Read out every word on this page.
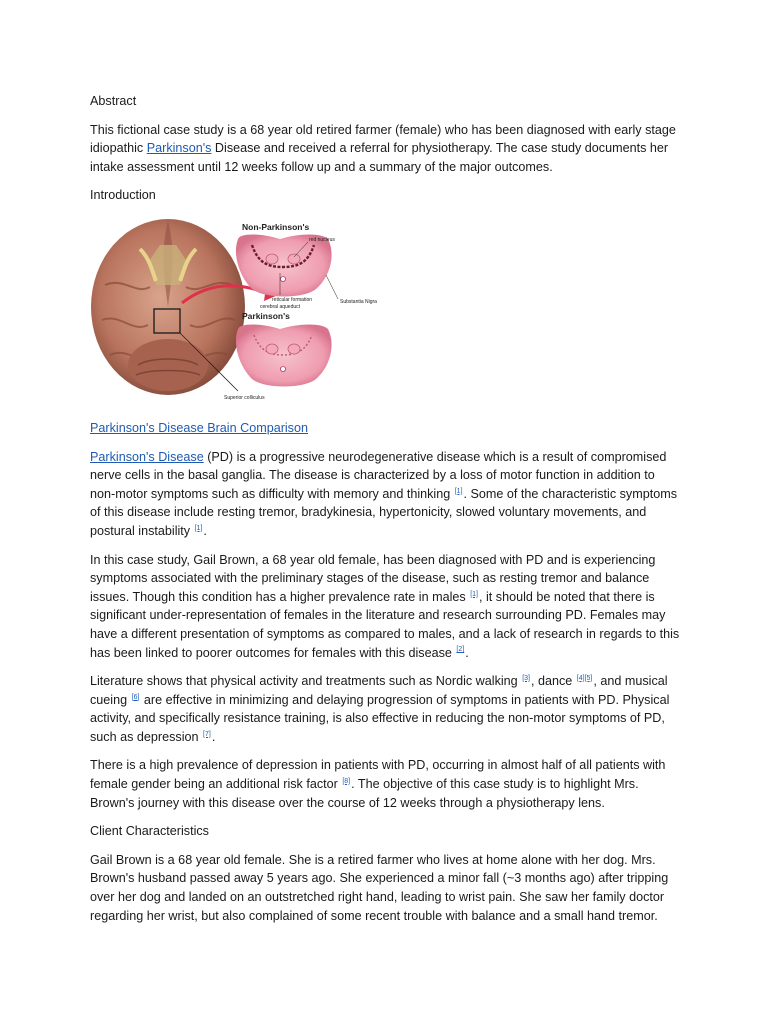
Abstract

This fictional case study is a 68 year old retired farmer (female) who has been diagnosed with early stage idiopathic Parkinson's Disease and received a referral for physiotherapy. The case study documents her intake assessment until 12 weeks follow up and a summary of the major outcomes.

Introduction

Non-Parkinson's
red nucleus
reticular formation
cerebral aqueduct
Substantia Nigra
Parkinson's
Superior colliculus

Parkinson's Disease Brain Comparison

Parkinson's Disease (PD) is a progressive neurodegenerative disease which is a result of compromised nerve cells in the basal ganglia. The disease is characterized by a loss of motor function in addition to non-motor symptoms such as difficulty with memory and thinking [1]. Some of the characteristic symptoms of this disease include resting tremor, bradykinesia, hypertonicity, slowed voluntary movements, and postural instability [1].

In this case study, Gail Brown, a 68 year old female, has been diagnosed with PD and is experiencing symptoms associated with the preliminary stages of the disease, such as resting tremor and balance issues. Though this condition has a higher prevalence rate in males [1], it should be noted that there is significant under-representation of females in the literature and research surrounding PD. Females may have a different presentation of symptoms as compared to males, and a lack of research in regards to this has been linked to poorer outcomes for females with this disease [2].

Literature shows that physical activity and treatments such as Nordic walking [3], dance [4][5], and musical cueing [6] are effective in minimizing and delaying progression of symptoms in patients with PD. Physical activity, and specifically resistance training, is also effective in reducing the non-motor symptoms of PD, such as depression [7].

There is a high prevalence of depression in patients with PD, occurring in almost half of all patients with female gender being an additional risk factor [8]. The objective of this case study is to highlight Mrs. Brown's journey with this disease over the course of 12 weeks through a physiotherapy lens.

Client Characteristics

Gail Brown is a 68 year old female. She is a retired farmer who lives at home alone with her dog. Mrs. Brown's husband passed away 5 years ago. She experienced a minor fall (~3 months ago) after tripping over her dog and landed on an outstretched right hand, leading to wrist pain. She saw her family doctor regarding her wrist, but also complained of some recent trouble with balance and a small hand tremor.
